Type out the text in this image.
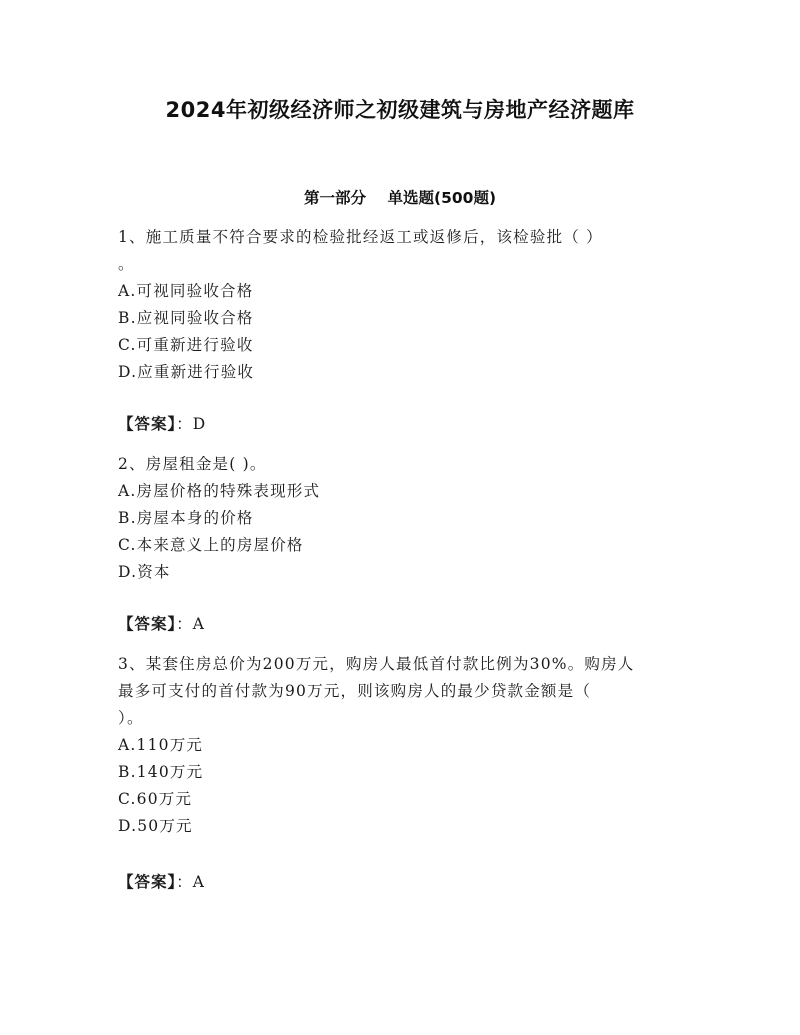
2024年初级经济师之初级建筑与房地产经济题库
第一部分    单选题(500题)

1、施工质量不符合要求的检验批经返工或返修后，该检验批（ ）

。

A.可视同验收合格

B.应视同验收合格

C.可重新进行验收

D.应重新进行验收

【答案】：D

2、房屋租金是( )。

A.房屋价格的特殊表现形式

B.房屋本身的价格

C.本来意义上的房屋价格

D.资本

【答案】：A

3、某套住房总价为200万元，购房人最低首付款比例为30%。购房人

最多可支付的首付款为90万元，则该购房人的最少贷款金额是（

）。

A.110万元

B.140万元

C.60万元

D.50万元

【答案】：A
